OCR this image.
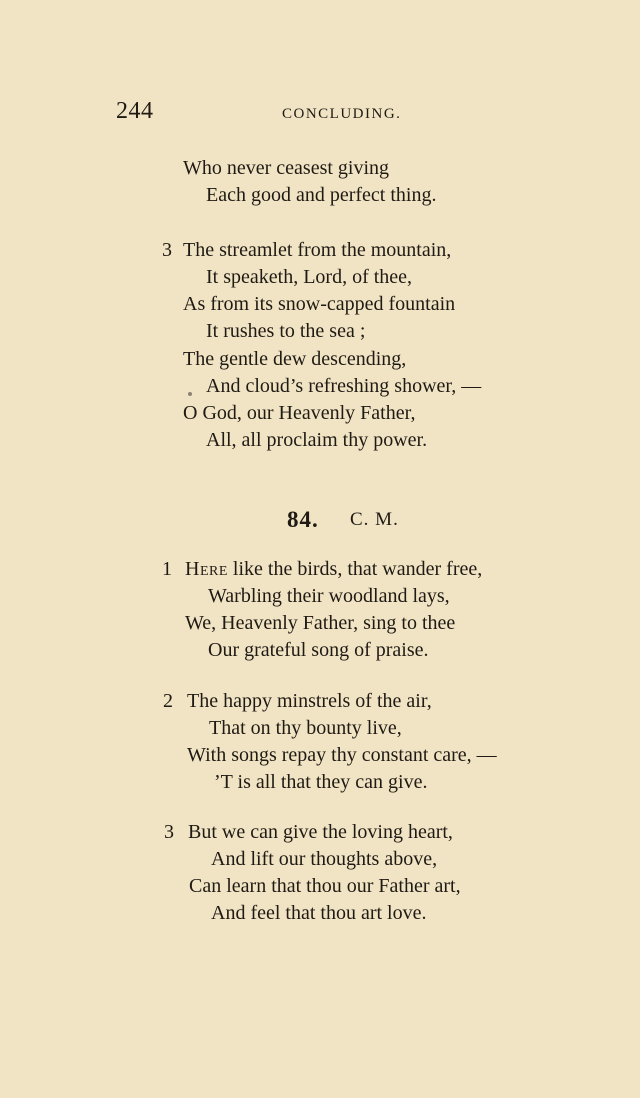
244	CONCLUDING.
Who never ceasest giving
Each good and perfect thing.
3 The streamlet from the mountain,
It speaketh, Lord, of thee,
As from its snow-capped fountain
It rushes to the sea ;
The gentle dew descending,
And cloud’s refreshing shower, —
O God, our Heavenly Father,
All, all proclaim thy power.
84. C. M.
1 Here like the birds, that wander free,
Warbling their woodland lays,
We, Heavenly Father, sing to thee
Our grateful song of praise.
2 The happy minstrels of the air,
That on thy bounty live,
With songs repay thy constant care, —
’T is all that they can give.
3 But we can give the loving heart,
And lift our thoughts above,
Can learn that thou our Father art,
And feel that thou art love.
